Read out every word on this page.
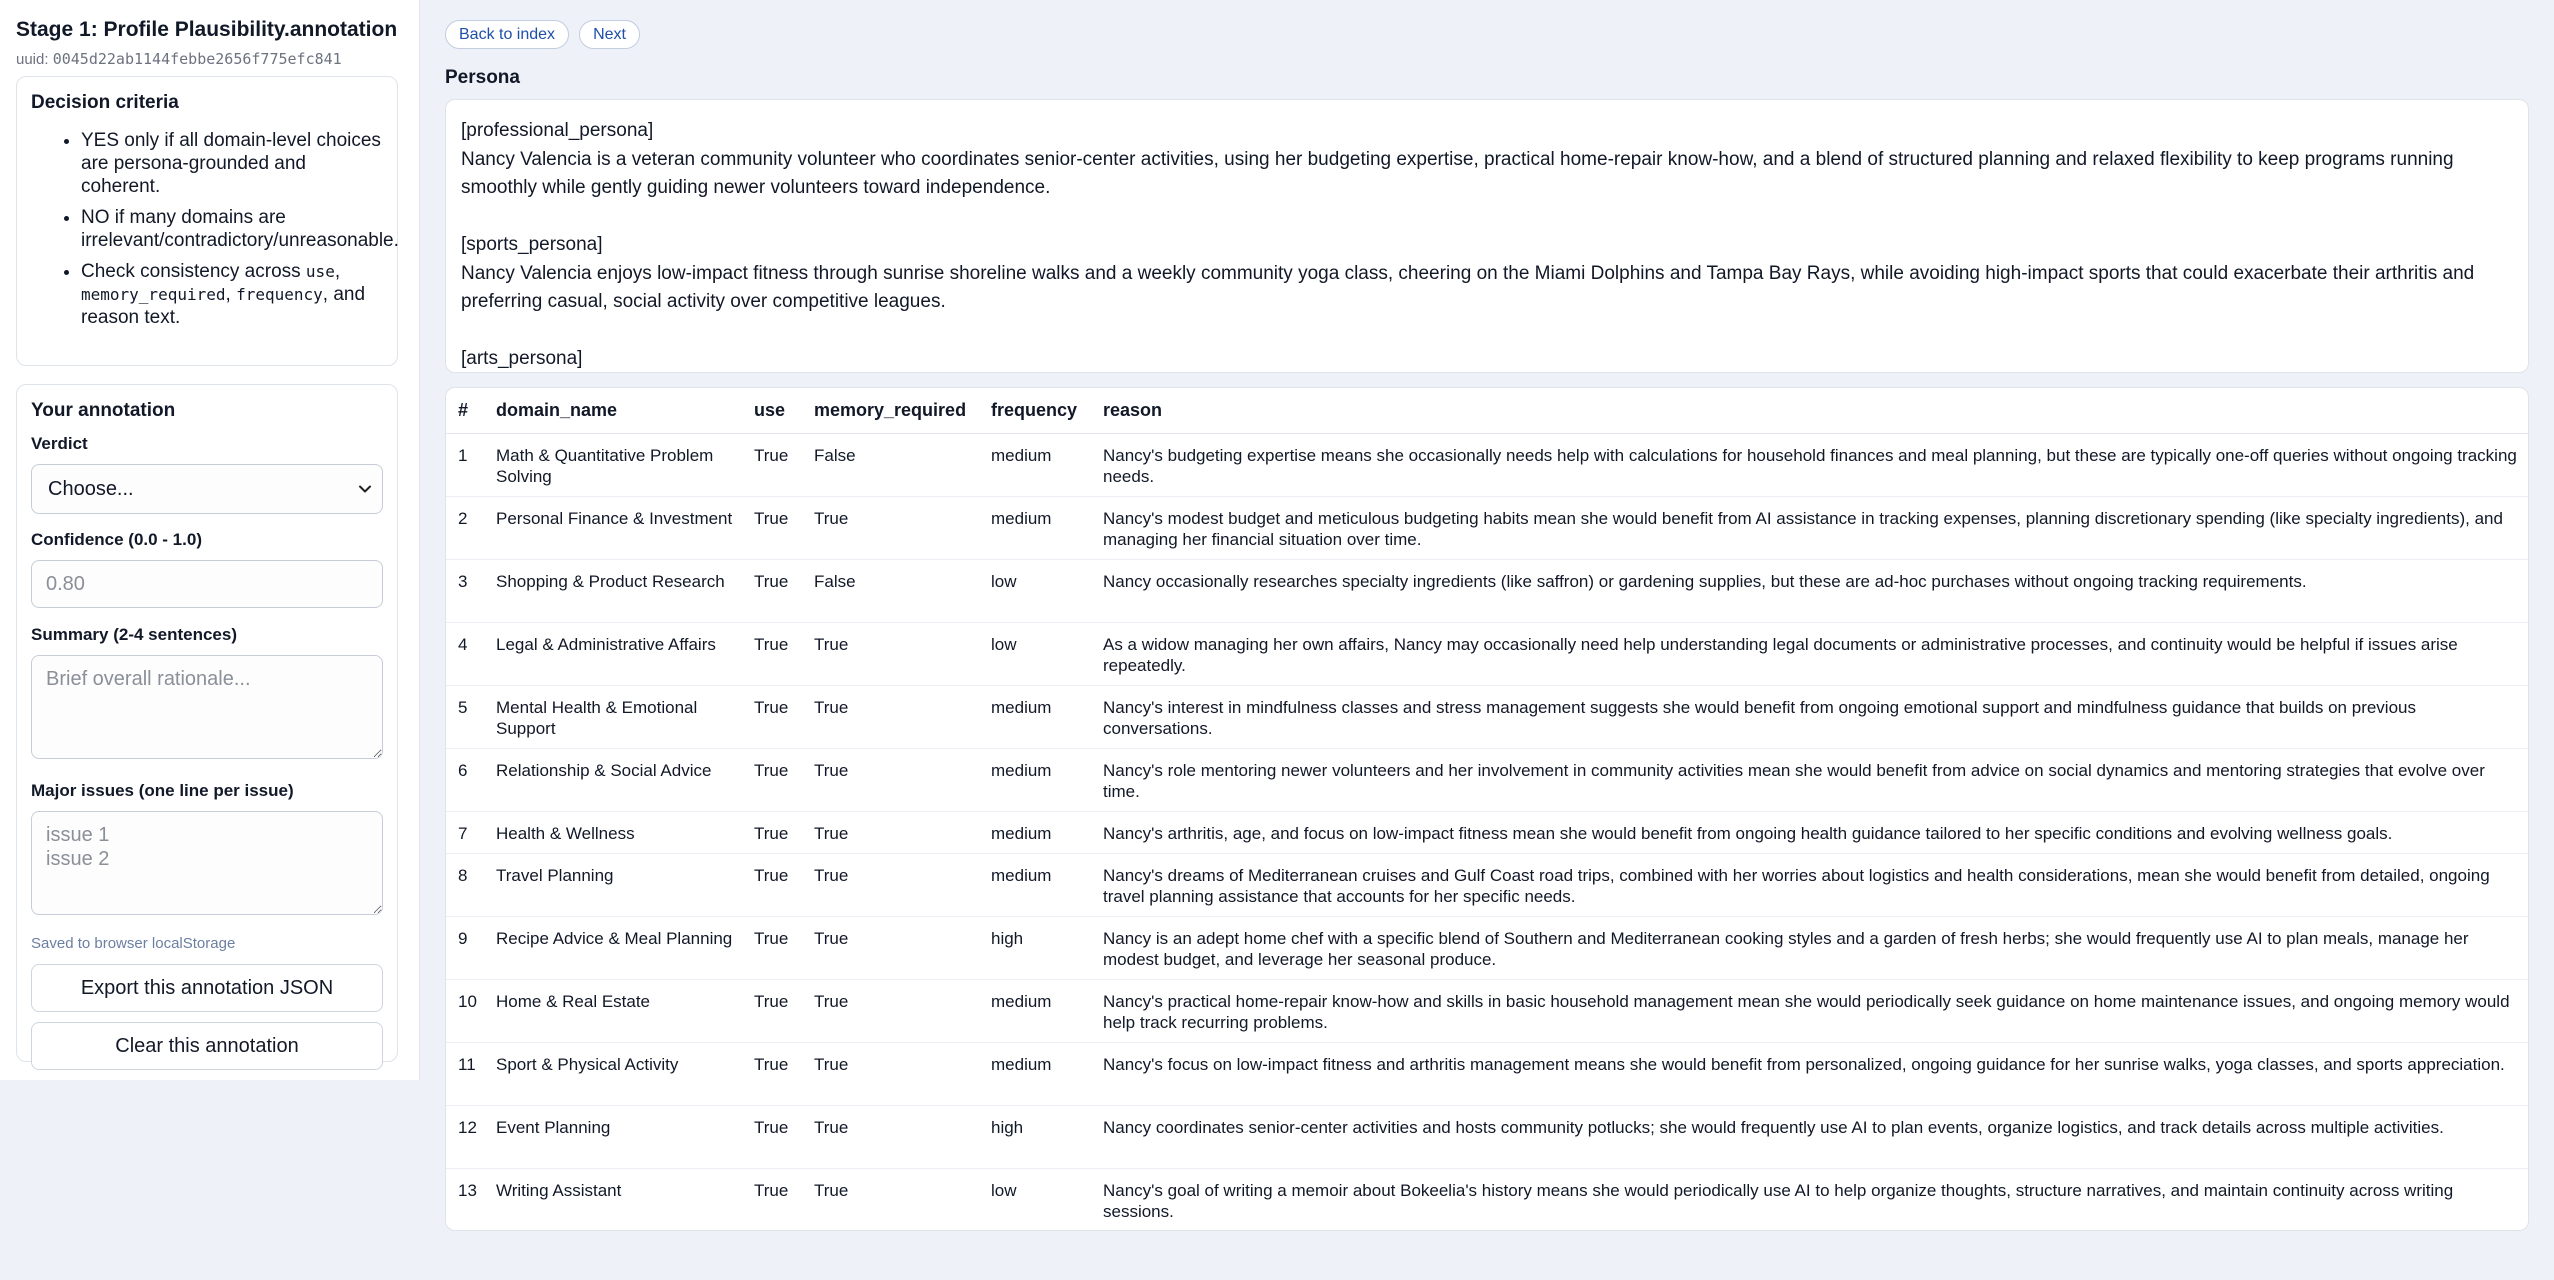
Stage 1: Profile Plausibility.annotation
uuid: 0045d22ab1144febbe2656f775efc841
Decision criteria
• YES only if all domain-level choices are persona-grounded and coherent.
• NO if many domains are irrelevant/contradictory/unreasonable.
• Check consistency across use, memory_required, frequency, and reason text.
Your annotation
Verdict
Choose...
Confidence (0.0 - 1.0)
0.80
Summary (2-4 sentences)
Brief overall rationale...
Major issues (one line per issue)
issue 1 issue 2
Saved to browser localStorage
Export this annotation JSON
Clear this annotation
Back to index	Next
Persona

[professional_persona]
Nancy Valencia is a veteran community volunteer who coordinates senior-center activities, using her budgeting expertise, practical home-repair know-how, and a blend of structured planning and relaxed flexibility to keep programs running smoothly while gently guiding newer volunteers toward independence.

[sports_persona]
Nancy Valencia enjoys low-impact fitness through sunrise shoreline walks and a weekly community yoga class, cheering on the Miami Dolphins and Tampa Bay Rays, while avoiding high-impact sports that could exacerbate their arthritis and preferring casual, social activity over competitive leagues.

[arts_persona]

#	domain_name	use	memory_required	frequency	reason
1	Math & Quantitative Problem Solving	True	False	medium	Nancy's budgeting expertise means she occasionally needs help with calculations for household finances and meal planning, but these are typically one-off queries without ongoing tracking needs.
2	Personal Finance & Investment	True	True	medium	Nancy's modest budget and meticulous budgeting habits mean she would benefit from AI assistance in tracking expenses, planning discretionary spending (like specialty ingredients), and managing her financial situation over time.
3	Shopping & Product Research	True	False	low	Nancy occasionally researches specialty ingredients (like saffron) or gardening supplies, but these are ad-hoc purchases without ongoing tracking requirements.
4	Legal & Administrative Affairs	True	True	low	As a widow managing her own affairs, Nancy may occasionally need help understanding legal documents or administrative processes, and continuity would be helpful if issues arise repeatedly.
5	Mental Health & Emotional Support	True	True	medium	Nancy's interest in mindfulness classes and stress management suggests she would benefit from ongoing emotional support and mindfulness guidance that builds on previous conversations.
6	Relationship & Social Advice	True	True	medium	Nancy's role mentoring newer volunteers and her involvement in community activities mean she would benefit from advice on social dynamics and mentoring strategies that evolve over time.
7	Health & Wellness	True	True	medium	Nancy's arthritis, age, and focus on low-impact fitness mean she would benefit from ongoing health guidance tailored to her specific conditions and evolving wellness goals.
8	Travel Planning	True	True	medium	Nancy's dreams of Mediterranean cruises and Gulf Coast road trips, combined with her worries about logistics and health considerations, mean she would benefit from detailed, ongoing travel planning assistance that accounts for her specific needs.
9	Recipe Advice & Meal Planning	True	True	high	Nancy is an adept home chef with a specific blend of Southern and Mediterranean cooking styles and a garden of fresh herbs; she would frequently use AI to plan meals, manage her modest budget, and leverage her seasonal produce.
10	Home & Real Estate	True	True	medium	Nancy's practical home-repair know-how and skills in basic household management mean she would periodically seek guidance on home maintenance issues, and ongoing memory would help track recurring problems.
11	Sport & Physical Activity	True	True	medium	Nancy's focus on low-impact fitness and arthritis management means she would benefit from personalized, ongoing guidance for her sunrise walks, yoga classes, and sports appreciation.
12	Event Planning	True	True	high	Nancy coordinates senior-center activities and hosts community potlucks; she would frequently use AI to plan events, organize logistics, and track details across multiple activities.
13	Writing Assistant	True	True	low	Nancy's goal of writing a memoir about Bokeelia's history means she would periodically use AI to help organize thoughts, structure narratives, and maintain continuity across writing sessions.
